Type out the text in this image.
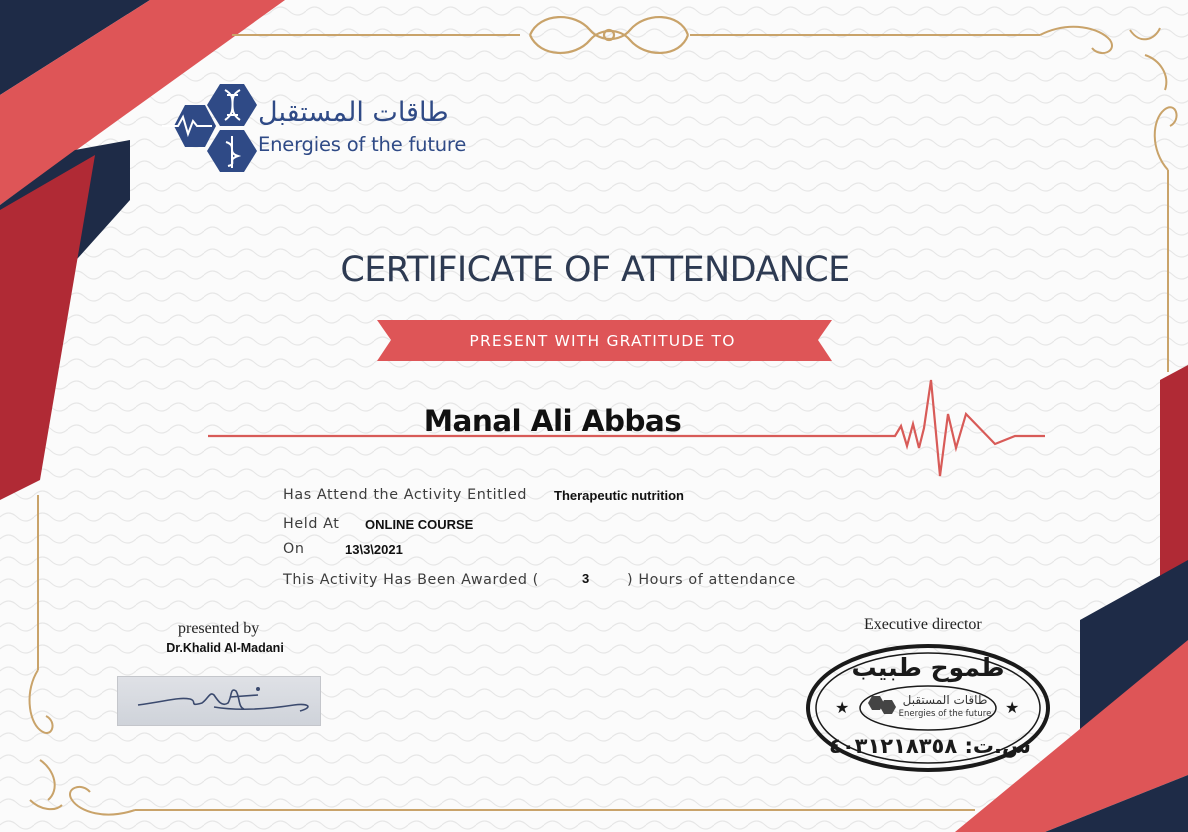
طاقات المستقبل
Energies of the future
CERTIFICATE OF ATTENDANCE
PRESENT WITH GRATITUDE TO
Manal Ali Abbas
Has Attend the Activity Entitled Therapeutic nutrition
Held At ONLINE COURSE
On	13\3\2021
This Activity Has Been Awarded (	3	) Hours of attendance
presented by
Dr.Khalid Al-Madani
Executive director
★	★
طموح طبيب
س.ت: ٤٠٣١٢١٨٣٥٨
طاقات المستقبل
Energies of the future
